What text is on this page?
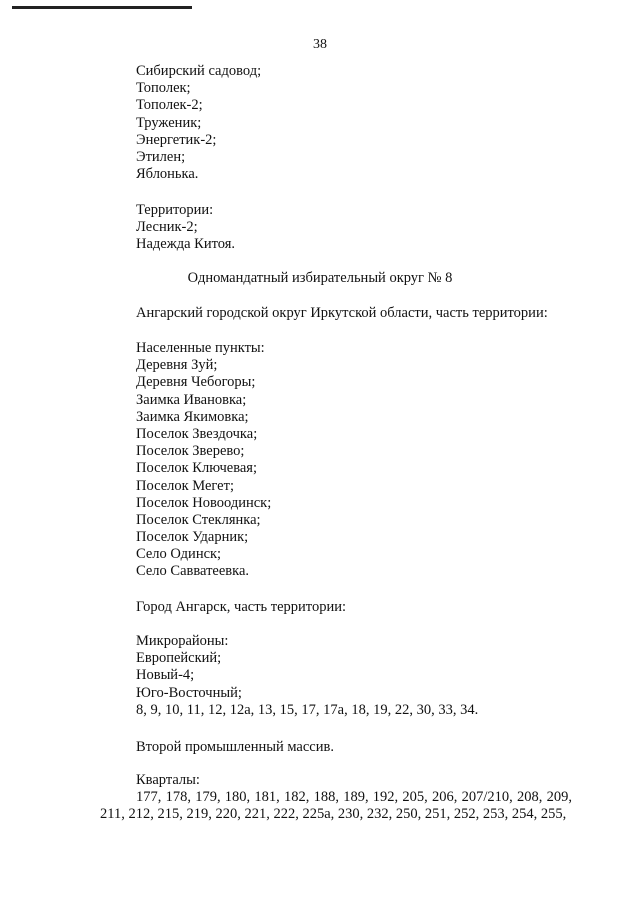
38
Сибирский садовод;
Тополек;
Тополек-2;
Труженик;
Энергетик-2;
Этилен;
Яблонька.
Территории:
Лесник-2;
Надежда Китоя.
Одномандатный избирательный округ № 8
Ангарский городской округ Иркутской области, часть территории:
Населенные пункты:
Деревня Зуй;
Деревня Чебогоры;
Заимка Ивановка;
Заимка Якимовка;
Поселок Звездочка;
Поселок Зверево;
Поселок Ключевая;
Поселок Мегет;
Поселок Новоодинск;
Поселок Стеклянка;
Поселок Ударник;
Село Одинск;
Село Савватеевка.
Город Ангарск, часть территории:
Микрорайоны:
Европейский;
Новый-4;
Юго-Восточный;
8, 9, 10, 11, 12, 12а, 13, 15, 17, 17а, 18, 19, 22, 30, 33, 34.
Второй промышленный массив.
Кварталы:
177, 178, 179, 180, 181, 182, 188, 189, 192, 205, 206, 207/210, 208, 209,
211, 212, 215, 219, 220, 221, 222, 225а, 230, 232, 250, 251, 252, 253, 254, 255,
